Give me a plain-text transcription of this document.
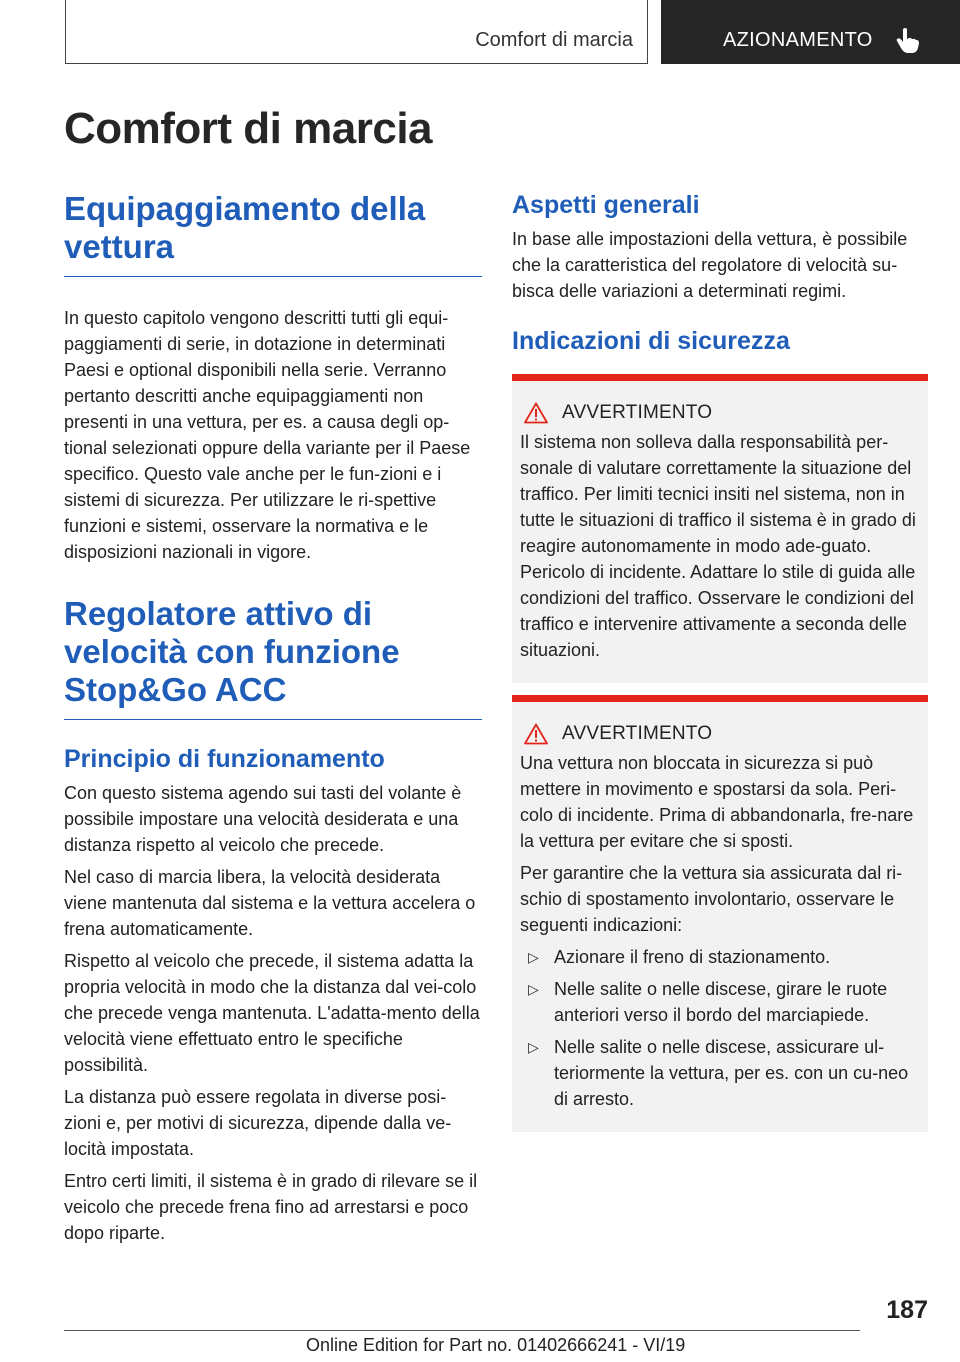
Comfort di marcia	AZIONAMENTO
Comfort di marcia
Equipaggiamento della vettura

In questo capitolo vengono descritti tutti gli equi-paggiamenti di serie, in dotazione in determinati Paesi e optional disponibili nella serie. Verranno pertanto descritti anche equipaggiamenti non presenti in una vettura, per es. a causa degli op-tional selezionati oppure della variante per il Paese specifico. Questo vale anche per le fun-zioni e i sistemi di sicurezza. Per utilizzare le ri-spettive funzioni e sistemi, osservare la normativa e le disposizioni nazionali in vigore.

Regolatore attivo di velocità con funzione Stop&Go ACC
Principio di funzionamento

Con questo sistema agendo sui tasti del volante è possibile impostare una velocità desiderata e una distanza rispetto al veicolo che precede.

Nel caso di marcia libera, la velocità desiderata viene mantenuta dal sistema e la vettura accelera o frena automaticamente.

Rispetto al veicolo che precede, il sistema adatta la propria velocità in modo che la distanza dal vei-colo che precede venga mantenuta. L'adatta-mento della velocità viene effettuato entro le specifiche possibilità.

La distanza può essere regolata in diverse posi-zioni e, per motivi di sicurezza, dipende dalla ve-locità impostata.

Entro certi limiti, il sistema è in grado di rilevare se il veicolo che precede frena fino ad arrestarsi e poco dopo riparte.

Aspetti generali

In base alle impostazioni della vettura, è possibile che la caratteristica del regolatore di velocità su-bisca delle variazioni a determinati regimi.

Indicazioni di sicurezza
AVVERTIMENTO

Il sistema non solleva dalla responsabilità per-sonale di valutare correttamente la situazione del traffico. Per limiti tecnici insiti nel sistema, non in tutte le situazioni di traffico il sistema è in grado di reagire autonomamente in modo ade-guato. Pericolo di incidente. Adattare lo stile di guida alle condizioni del traffico. Osservare le condizioni del traffico e intervenire attivamente a seconda delle situazioni.

AVVERTIMENTO

Una vettura non bloccata in sicurezza si può mettere in movimento e spostarsi da sola. Peri-colo di incidente. Prima di abbandonarla, fre-nare la vettura per evitare che si sposti.

Per garantire che la vettura sia assicurata dal ri-schio di spostamento involontario, osservare le seguenti indicazioni:

▷ Azionare il freno di stazionamento.
▷ Nelle salite o nelle discese, girare le ruote anteriori verso il bordo del marciapiede.
▷ Nelle salite o nelle discese, assicurare ul-teriormente la vettura, per es. con un cu-neo di arresto.
187
Online Edition for Part no. 01402666241 - VI/19
